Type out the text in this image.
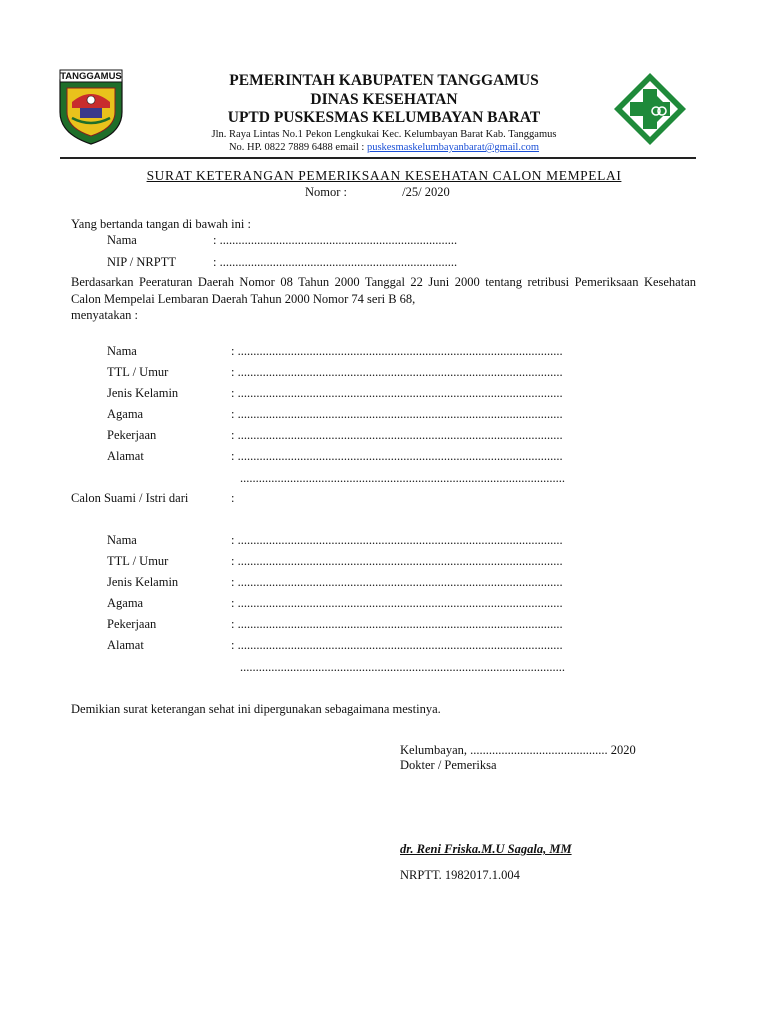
TANGGAMUS	PEMERINTAH KABUPATEN TANGGAMUS
DINAS KESEHATAN
UPTD PUSKESMAS KELUMBAYAN BARAT
Jln. Raya Lintas No.1 Pekon Lengkukai Kec. Kelumbayan Barat Kab. Tanggamus
No. HP. 0822 7889 6488 email : puskesmaskelumbayanbarat@gmail.com
SURAT KETERANGAN PEMERIKSAAN KESEHATAN CALON MEMPELAI
Nomor :	/25/ 2020
Yang bertanda tangan di bawah ini :
Nama	: ............................................................................
NIP / NRPTT	: ............................................................................
Berdasarkan Peeraturan Daerah Nomor 08 Tahun 2000 Tanggal 22 Juni 2000 tentang retribusi Pemeriksaan Kesehatan Calon Mempelai Lembaran Daerah Tahun 2000 Nomor 74 seri B 68,
menyatakan :
Nama	: ........................................................................................................
TTL / Umur	: ........................................................................................................
Jenis Kelamin	: ........................................................................................................
Agama	: ........................................................................................................
Pekerjaan	: ........................................................................................................
Alamat	: ........................................................................................................
........................................................................................................
Calon Suami / Istri dari	:
Nama	: ........................................................................................................
TTL / Umur	: ........................................................................................................
Jenis Kelamin	: ........................................................................................................
Agama	: ........................................................................................................
Pekerjaan	: ........................................................................................................
Alamat	: ........................................................................................................
........................................................................................................
Demikian surat keterangan sehat ini dipergunakan sebagaimana mestinya.
Kelumbayan, ............................................ 2020
Dokter / Pemeriksa
dr. Reni Friska.M.U Sagala, MM
NRPTT. 1982017.1.004
